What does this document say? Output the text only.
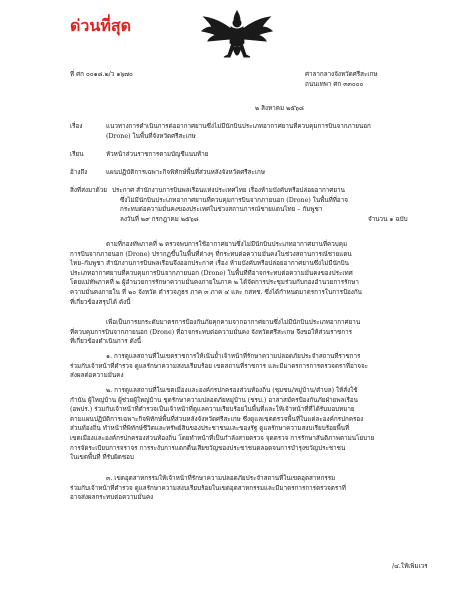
ด่วนที่สุด
ที่ ศก ๐๐๑๘.๒/ว ๑๖๗๐	ศาลากลางจังหวัดศรีสะเกษ
ถนนเทพา ศก ๓๓๐๐๐
๒ สิงหาคม ๒๕๖๘
เรื่อง	แนวทางการดำเนินการต่ออากาศยานซึ่งไม่มีนักบินประเภทอากาศยานที่ควบคุมการบินจากภายนอก
(Drone) ในพื้นที่จังหวัดศรีสะเกษ
เรียน	หัวหน้าส่วนราชการตามบัญชีแนบท้าย
อ้างถึง	แผนปฏิบัติการเฉพาะกิจพิทักษ์พื้นที่ส่วนหลังจังหวัดศรีสะเกษ
สิ่งที่ส่งมาด้วย ประกาศ สำนักงานการบินพลเรือนแห่งประเทศไทย เรื่องห้ามบังคับหรือปล่อยอากาศยาน
ซึ่งไม่มีนักบินประเภทอากาศยานที่ควบคุมการบินจากภายนอก (Drone) ในพื้นที่ที่อาจ
กระทบต่อความมั่นคงของประเทศในช่วงสถานการณ์ชายแดนไทย – กัมพูชา
ลงวันที่ ๒๙ กรกฎาคม ๒๕๖๘	จำนวน ๑ ฉบับ
ตามที่กองทัพภาคที่ ๒ ตรวจพบการใช้อากาศยานซึ่งไม่มีนักบินประเภทอากาศยานที่ควบคุม
การบินจากภายนอก (Drone) ปรากฏขึ้นในพื้นที่ต่างๆ ที่กระทบต่อความมั่นคงในช่วงสถานการณ์ชายแดน
ไทย–กัมพูชา สำนักงานการบินพลเรือนจึงออกประกาศ เรื่อง ห้ามบังคับหรือปล่อยอากาศยานซึ่งไม่มีนักบิน
ประเภทอากาศยานที่ควบคุมการบินจากภายนอก (Drone) ในพื้นที่ที่อาจกระทบต่อความมั่นคงของประเทศ
โดยแม่ทัพภาคที่ ๒ ผู้อำนวยการรักษาความมั่นคงภายในภาค ๒ ได้จัดการประชุมร่วมกับกองอำนวยการรักษา
ความมั่นคงภายใน ที่ ๒๐ จังหวัด ตำรวจภูธร ภาค ๓ ภาค ๔ และ กสทช. ซึ่งได้กำหนดมาตรการในการป้องกัน
ที่เกี่ยวข้องสรุปได้ ดังนี้
เพื่อเป็นการยกระดับมาตรการป้องกันภัยคุกคามจากอากาศยานซึ่งไม่มีนักบินประเภทอากาศยาน
ที่ควบคุมการบินจากภายนอก (Drone) ที่อาจกระทบต่อความมั่นคง จังหวัดศรีสะเกษ จึงขอให้ส่วนราชการ
ที่เกี่ยวข้องดำเนินการ ดังนี้
๑. การดูแลสถานที่ในเขตราชการให้เน้นย้ำเจ้าหน้าที่รักษาความปลอดภัยประจำสถานที่ราชการ
ร่วมกับเจ้าหน้าที่ตำรวจ ดูแลรักษาความสงบเรียบร้อย เขตสถานที่ราชการ และมีมาตรการการตรวจตราที่อาจจะ
ส่งผลต่อความมั่นคง
๒. การดูแลสถานที่ในเขตเมืองและองค์กรปกครองส่วนท้องถิ่น (ชุมชน/หมู่บ้าน/ตำบล) ให้สั่งใช้
กำนัน ผู้ใหญ่บ้าน ผู้ช่วยผู้ใหญ่บ้าน ชุดรักษาความปลอดภัยหมู่บ้าน (ชรบ.) อาสาสมัครป้องกันภัยฝ่ายพลเรือน
(อพปร.) ร่วมกับเจ้าหน้าที่ตำรวจเป็นเจ้าหน้าที่ดูแลความเรียบร้อยในพื้นที่และให้เจ้าหน้าที่ที่ได้รับมอบหมาย
ตามแผนปฏิบัติการเฉพาะกิจพิทักษ์พื้นที่ส่วนหลังจังหวัดศรีสะเกษ ซึ่งดูแลเขตตรวจพื้นที่ในแต่ละองค์กรปกครอง
ส่วนท้องถิ่น ทำหน้าที่พิทักษ์ชีวิตและทรัพย์สินของประชาชนและของรัฐ ดูแลรักษาความสงบเรียบร้อยพื้นที่
เขตเมืองและองค์กรปกครองส่วนท้องถิ่น โดยทำหน้าที่เป็นกำลังสายตรวจ จุดตรวจ การรักษาสันติภาพตามนโยบาย
การจัดระเบียบการจราจร การระงับการแตกตื่นเสียขวัญของประชาชนตลอดจนการบำรุงขวัญประชาชน
ในเขตพื้นที่ ที่รับผิดชอบ
๓. เขตอุตสาหกรรมให้เจ้าหน้าที่รักษาความปลอดภัยประจำสถานที่ในเขตอุตสาหกรรม
ร่วมกับเจ้าหน้าที่ตำรวจ ดูแลรักษาความสงบเรียบร้อยในเขตอุตสาหกรรมและมีมาตรการการตรวจตราที่
อาจส่งผลกระทบต่อความมั่นคง
/๔.ให้เพิ่มเวร
